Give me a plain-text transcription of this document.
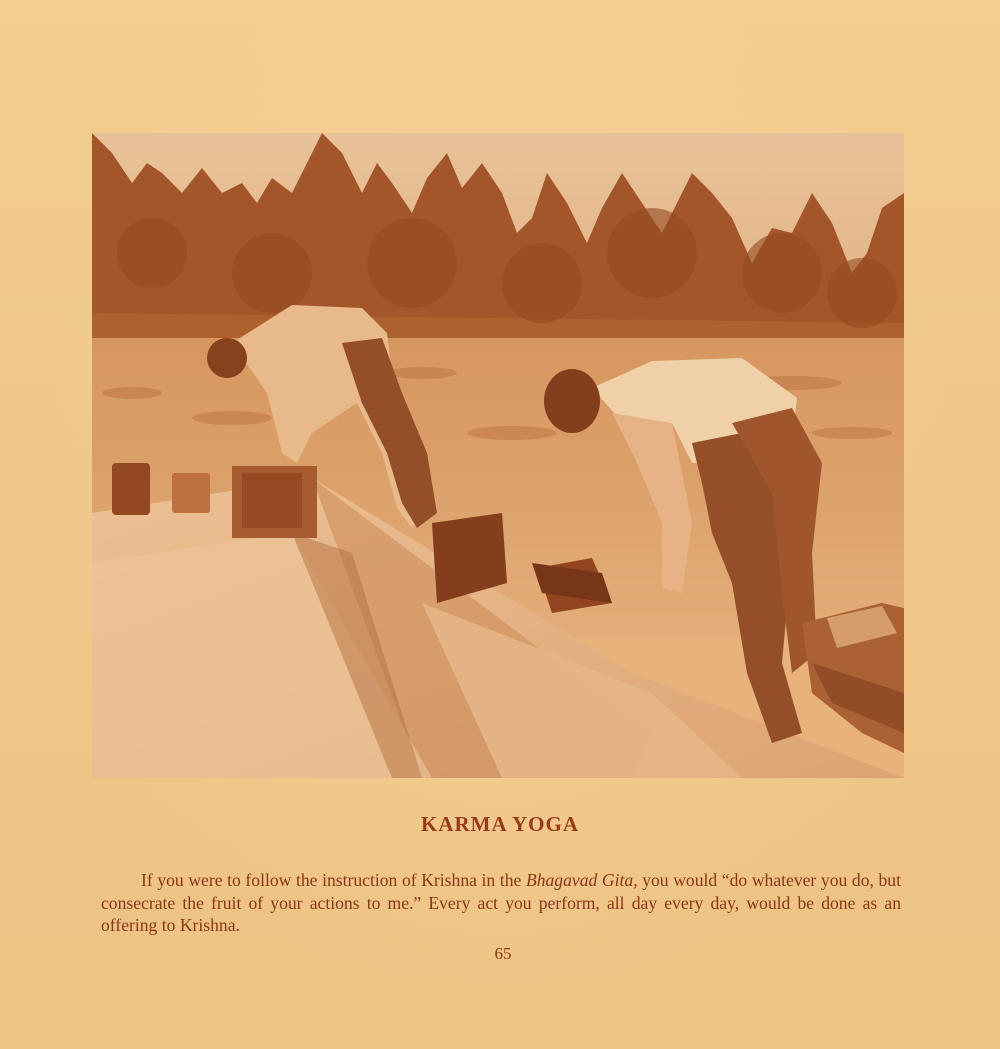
KARMA YOGA

If you were to follow the instruction of Krishna in the Bhagavad Gita, you would “do whatever you do, but consecrate the fruit of your actions to me.” Every act you perform, all day every day, would be done as an offering to Krishna.

65
